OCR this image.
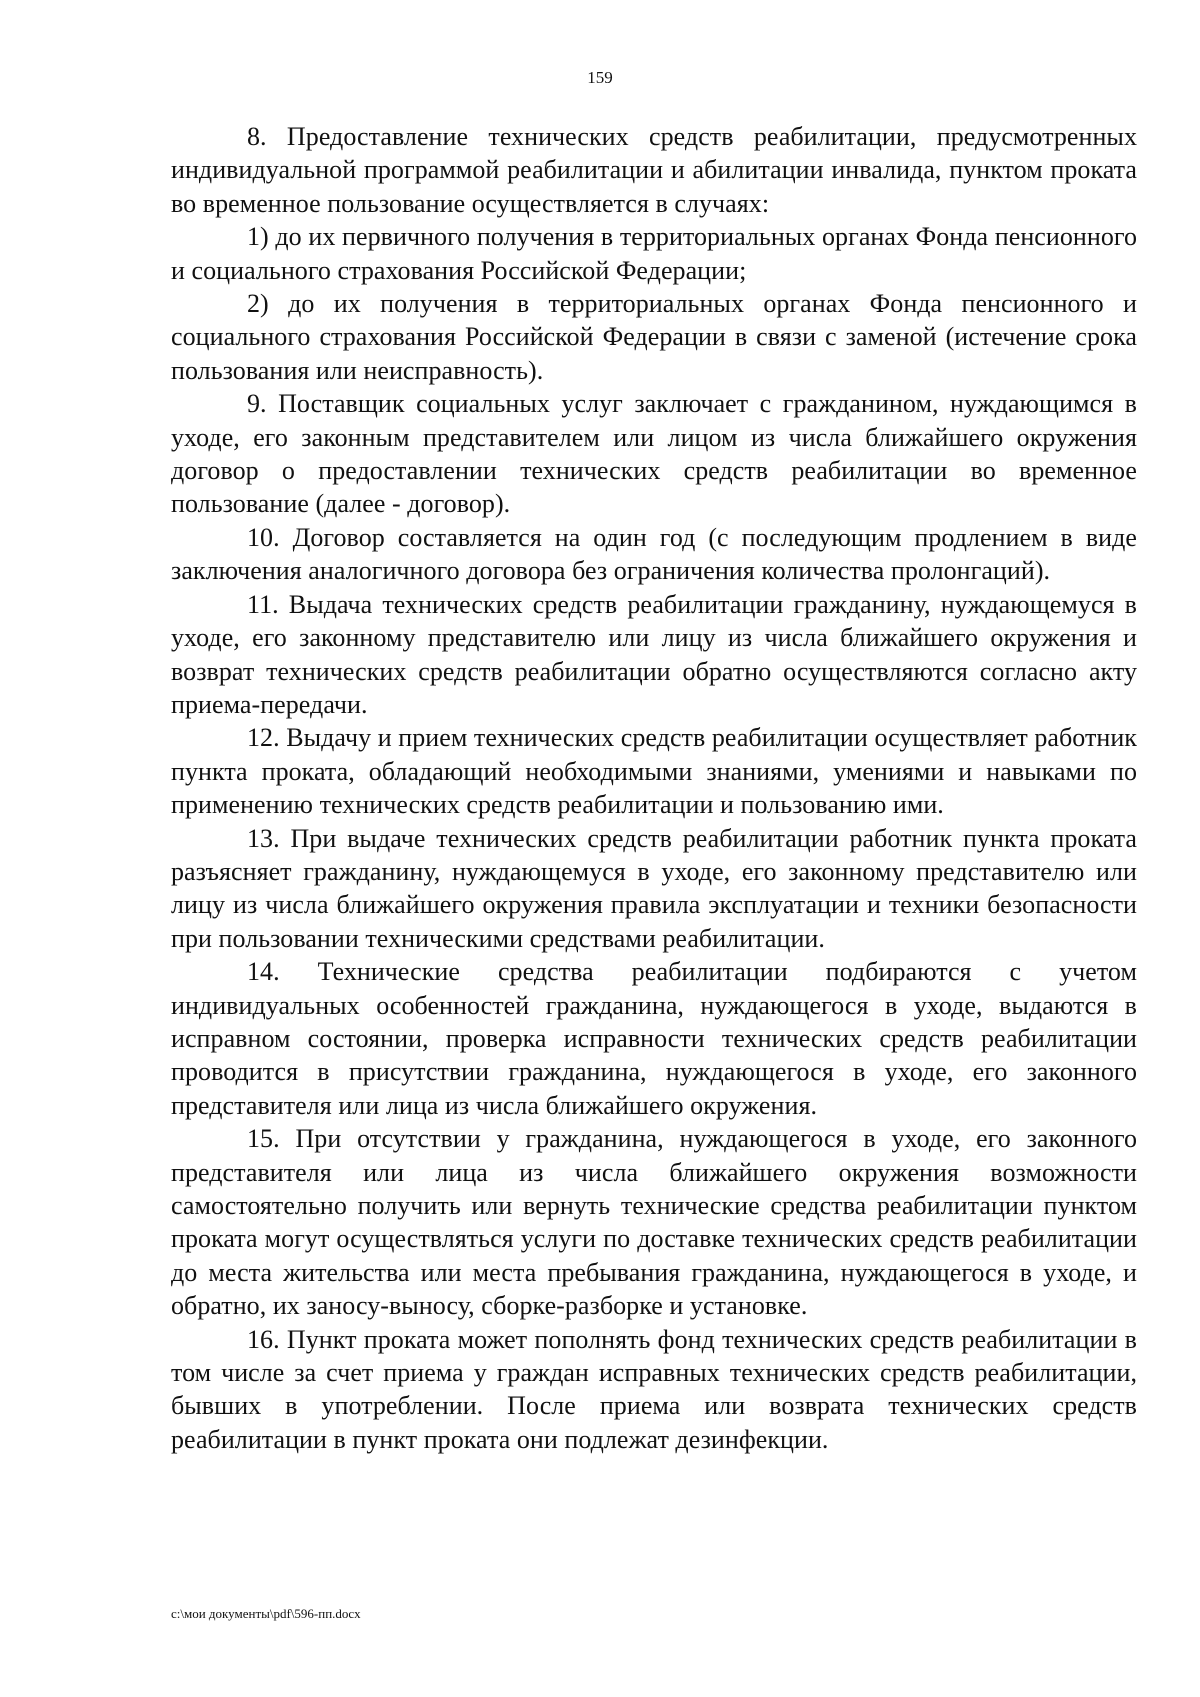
159

8. Предоставление технических средств реабилитации, предусмотренных индивидуальной программой реабилитации и абилитации инвалида, пунктом проката во временное пользование осуществляется в случаях:

1) до их первичного получения в территориальных органах Фонда пенсионного и социального страхования Российской Федерации;

2) до их получения в территориальных органах Фонда пенсионного и социального страхования Российской Федерации в связи с заменой (истечение срока пользования или неисправность).

9. Поставщик социальных услуг заключает с гражданином, нуждающимся в уходе, его законным представителем или лицом из числа ближайшего окружения договор о предоставлении технических средств реабилитации во временное пользование (далее - договор).

10. Договор составляется на один год (с последующим продлением в виде заключения аналогичного договора без ограничения количества пролонгаций).

11. Выдача технических средств реабилитации гражданину, нуждающемуся в уходе, его законному представителю или лицу из числа ближайшего окружения и возврат технических средств реабилитации обратно осуществляются согласно акту приема-передачи.

12. Выдачу и прием технических средств реабилитации осуществляет работник пункта проката, обладающий необходимыми знаниями, умениями и навыками по применению технических средств реабилитации и пользованию ими.

13. При выдаче технических средств реабилитации работник пункта проката разъясняет гражданину, нуждающемуся в уходе, его законному представителю или лицу из числа ближайшего окружения правила эксплуатации и техники безопасности при пользовании техническими средствами реабилитации.

14. Технические средства реабилитации подбираются с учетом индивидуальных особенностей гражданина, нуждающегося в уходе, выдаются в исправном состоянии, проверка исправности технических средств реабилитации проводится в присутствии гражданина, нуждающегося в уходе, его законного представителя или лица из числа ближайшего окружения.

15. При отсутствии у гражданина, нуждающегося в уходе, его законного представителя или лица из числа ближайшего окружения возможности самостоятельно получить или вернуть технические средства реабилитации пунктом проката могут осуществляться услуги по доставке технических средств реабилитации до места жительства или места пребывания гражданина, нуждающегося в уходе, и обратно, их заносу-выносу, сборке-разборке и установке.

16. Пункт проката может пополнять фонд технических средств реабилитации в том числе за счет приема у граждан исправных технических средств реабилитации, бывших в употреблении. После приема или возврата технических средств реабилитации в пункт проката они подлежат дезинфекции.

c:\мои документы\pdf\596-пп.docx
